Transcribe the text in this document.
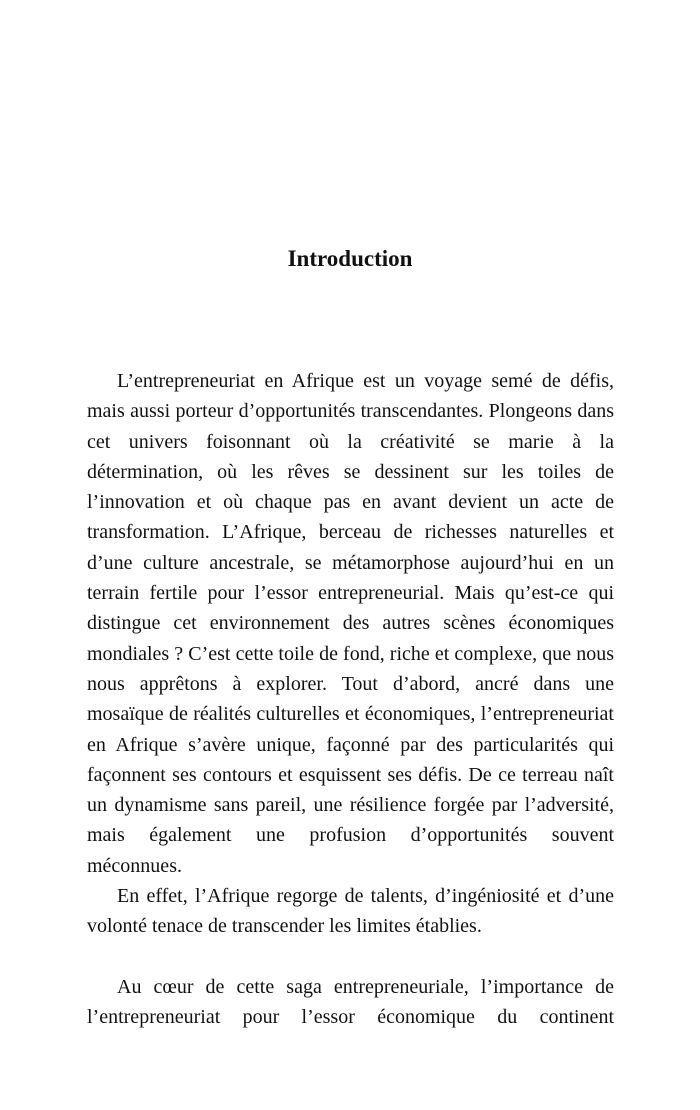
Introduction

L’entrepreneuriat en Afrique est un voyage semé de défis, mais aussi porteur d’opportunités transcendantes. Plongeons dans cet univers foisonnant où la créativité se marie à la détermination, où les rêves se dessinent sur les toiles de l’innovation et où chaque pas en avant devient un acte de transformation. L’Afrique, berceau de richesses naturelles et d’une culture ancestrale, se métamorphose aujourd’hui en un terrain fertile pour l’essor entrepreneurial. Mais qu’est-ce qui distingue cet environnement des autres scènes économiques mondiales ? C’est cette toile de fond, riche et complexe, que nous nous apprêtons à explorer. Tout d’abord, ancré dans une mosaïque de réalités culturelles et économiques, l’entrepreneuriat en Afrique s’avère unique, façonné par des particularités qui façonnent ses contours et esquissent ses défis. De ce terreau naît un dynamisme sans pareil, une résilience forgée par l’adversité, mais également une profusion d’opportunités souvent méconnues.

En effet, l’Afrique regorge de talents, d’ingéniosité et d’une volonté tenace de transcender les limites établies.

Au cœur de cette saga entrepreneuriale, l’importance de l’entrepreneuriat pour l’essor économique du continent
